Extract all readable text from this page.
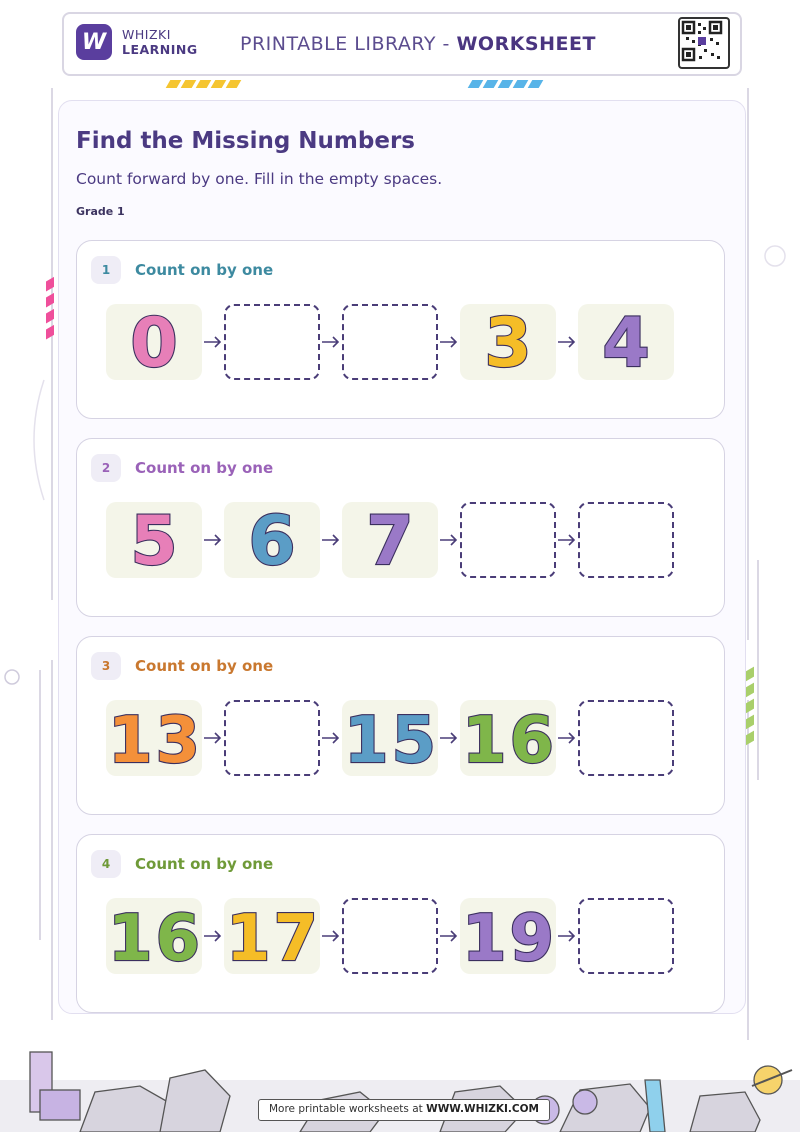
W WHIZKI
LEARNING PRINTABLE LIBRARY - WORKSHEET
Find the Missing Numbers
Count forward by one. Fill in the empty spaces.
Grade 1
1	Count on by one
0	3 4
2	Count on by one
5 6 7
3	Count on by one
13 15 16
4	Count on by one
16 17 19
More printable worksheets at WWW.WHIZKI.COM
